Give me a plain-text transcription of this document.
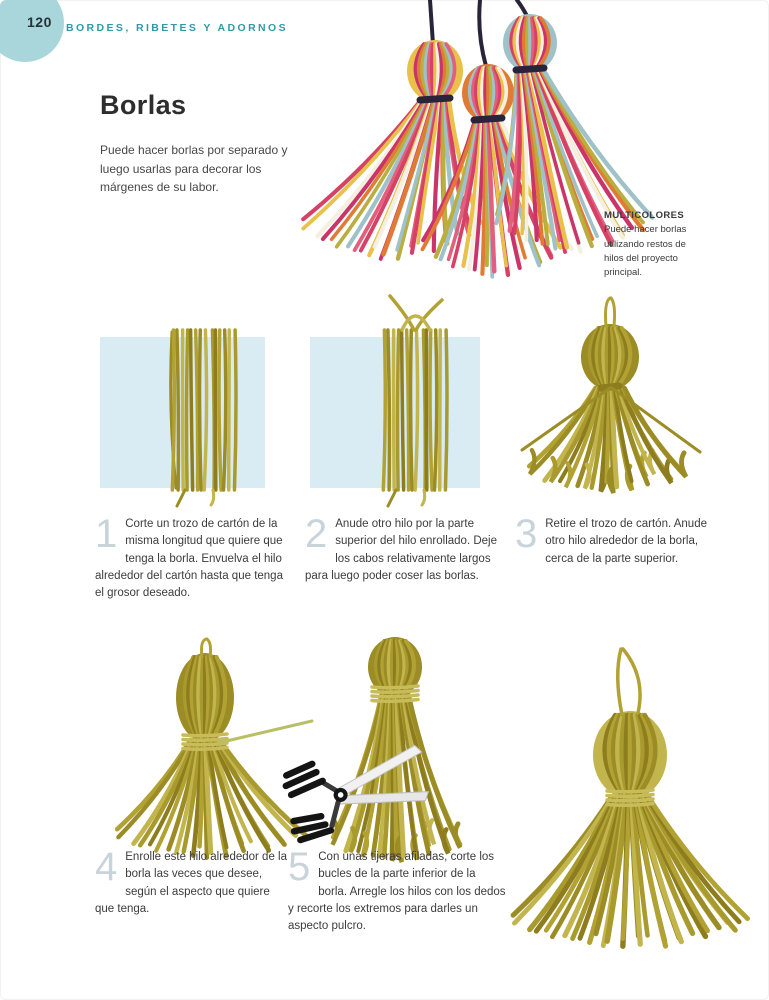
120 BORDES, RIBETES Y ADORNOS
Borlas

Puede hacer borlas por separado y luego usarlas para decorar los márgenes de su labor.

MULTICOLORES
Puede hacer borlas utilizando restos de hilos del proyecto principal.
1 Corte un trozo de cartón de la misma longitud que quiere que tenga la borla. Envuelva el hilo alrededor del cartón hasta que tenga el grosor deseado.
2 Anude otro hilo por la parte superior del hilo enrollado. Deje los cabos relativamente largos para luego poder coser las borlas.
3 Retire el trozo de cartón. Anude otro hilo alrededor de la borla, cerca de la parte superior.
4 Enrolle este hilo alrededor de la borla las veces que desee, según el aspecto que quiere que tenga.
5 Con unas tijeras afiladas, corte los bucles de la parte inferior de la borla. Arregle los hilos con los dedos y recorte los extremos para darles un aspecto pulcro.
